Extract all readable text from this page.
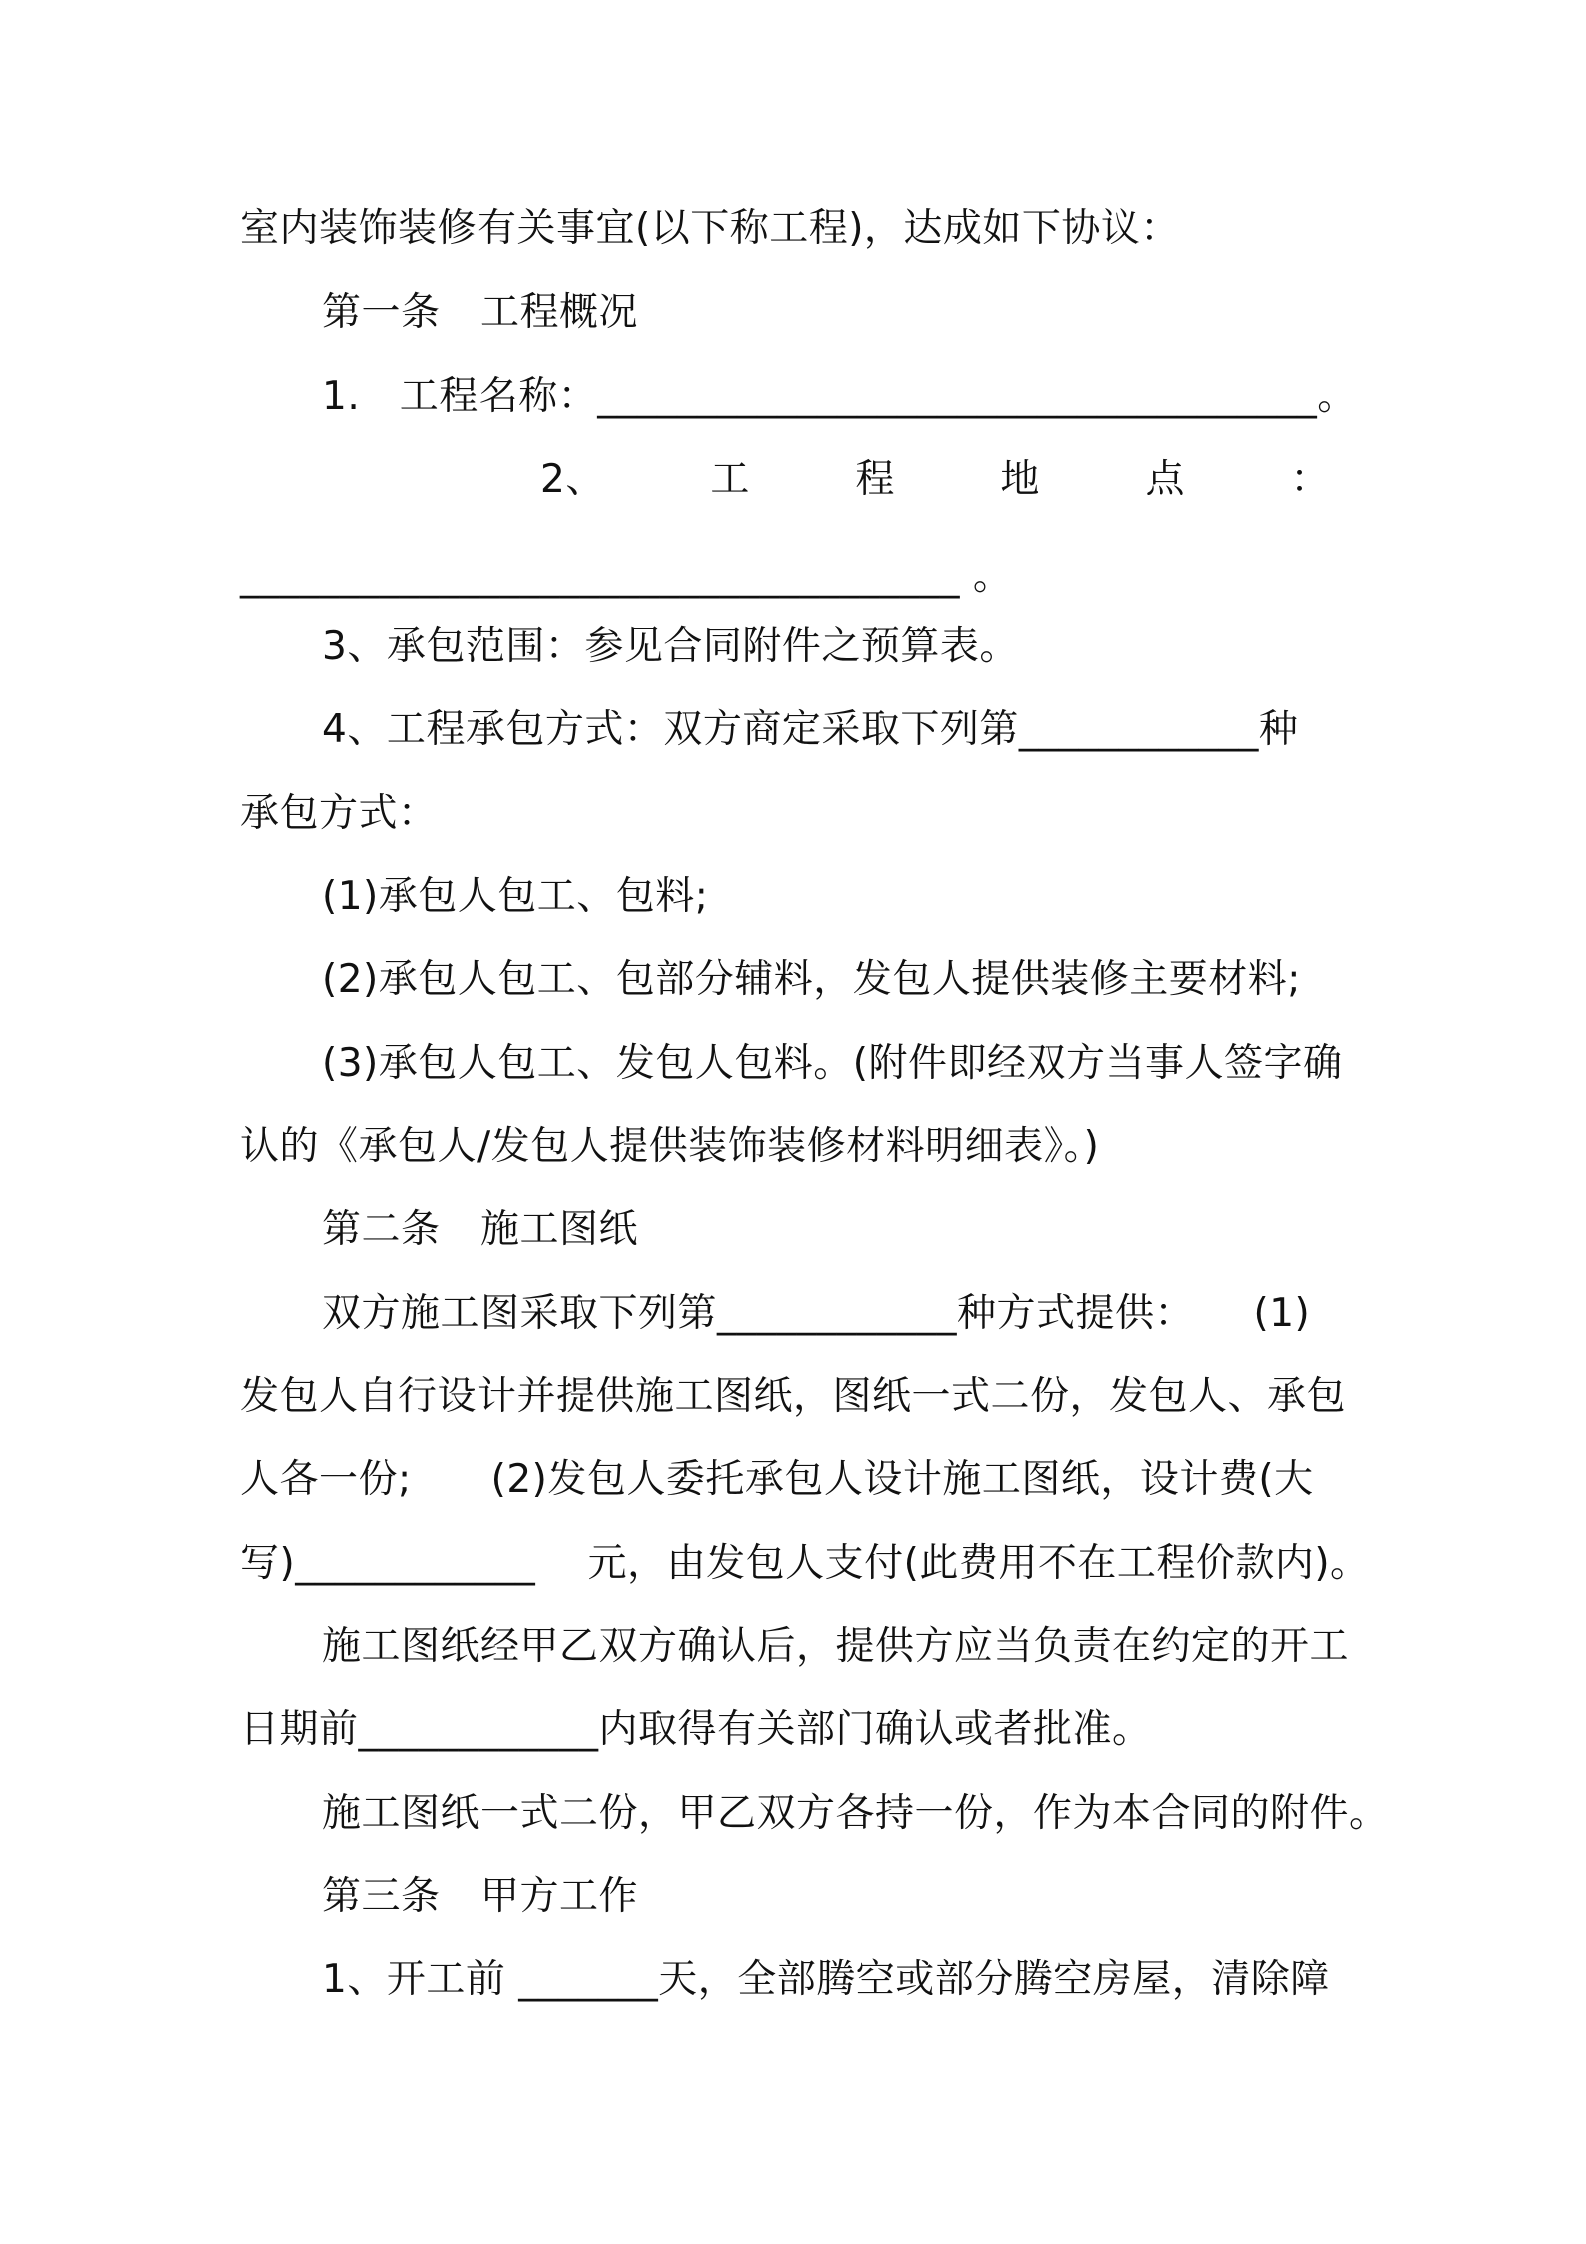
室内装饰装修有关事宜(以下称工程)，达成如下协议：
第一条　工程概况
1.　工程名称：____________________________________。
2、	工	程	地	点	：
____________________________________ 。
3、承包范围：参见合同附件之预算表。
4、工程承包方式：双方商定采取下列第____________种
承包方式：
(1)承包人包工、包料;
(2)承包人包工、包部分辅料，发包人提供装修主要材料;
(3)承包人包工、发包人包料。(附件即经双方当事人签字确
认的《承包人/发包人提供装饰装修材料明细表》。)
第二条　施工图纸
双方施工图采取下列第____________种方式提供：　　(1)
发包人自行设计并提供施工图纸，图纸一式二份，发包人、承包
人各一份;　　(2)发包人委托承包人设计施工图纸，设计费(大
写)____________　 元，由发包人支付(此费用不在工程价款内)。
施工图纸经甲乙双方确认后，提供方应当负责在约定的开工
日期前____________内取得有关部门确认或者批准。
施工图纸一式二份，甲乙双方各持一份，作为本合同的附件。
第三条　甲方工作
1、开工前 _______天，全部腾空或部分腾空房屋，清除障
